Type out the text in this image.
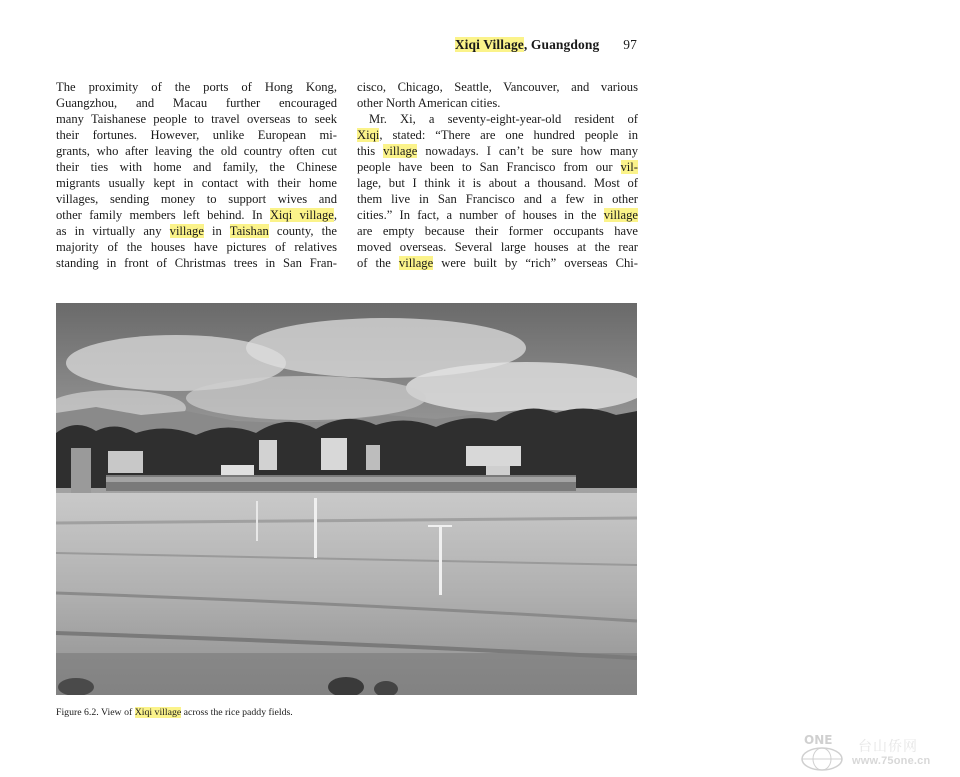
Xiqi Village, Guangdong 97
The proximity of the ports of Hong Kong,
Guangzhou, and Macau further encouraged
many Taishanese people to travel overseas to seek
their fortunes. However, unlike European mi-
grants, who after leaving the old country often cut
their ties with home and family, the Chinese
migrants usually kept in contact with their home
villages, sending money to support wives and
other family members left behind. In Xiqi village,
as in virtually any village in Taishan county, the
majority of the houses have pictures of relatives
standing in front of Christmas trees in San Fran-
cisco, Chicago, Seattle, Vancouver, and various
other North American cities.
Mr. Xi, a seventy-eight-year-old resident of
Xiqi, stated: “There are one hundred people in
this village nowadays. I can’t be sure how many
people have been to San Francisco from our vil-
lage, but I think it is about a thousand. Most of
them live in San Francisco and a few in other
cities.” In fact, a number of houses in the village
are empty because their former occupants have
moved overseas. Several large houses at the rear
of the village were built by “rich” overseas Chi-
Figure 6.2. View of Xiqi village across the rice paddy fields.
ONE 台山侨网
www.75one.cn
